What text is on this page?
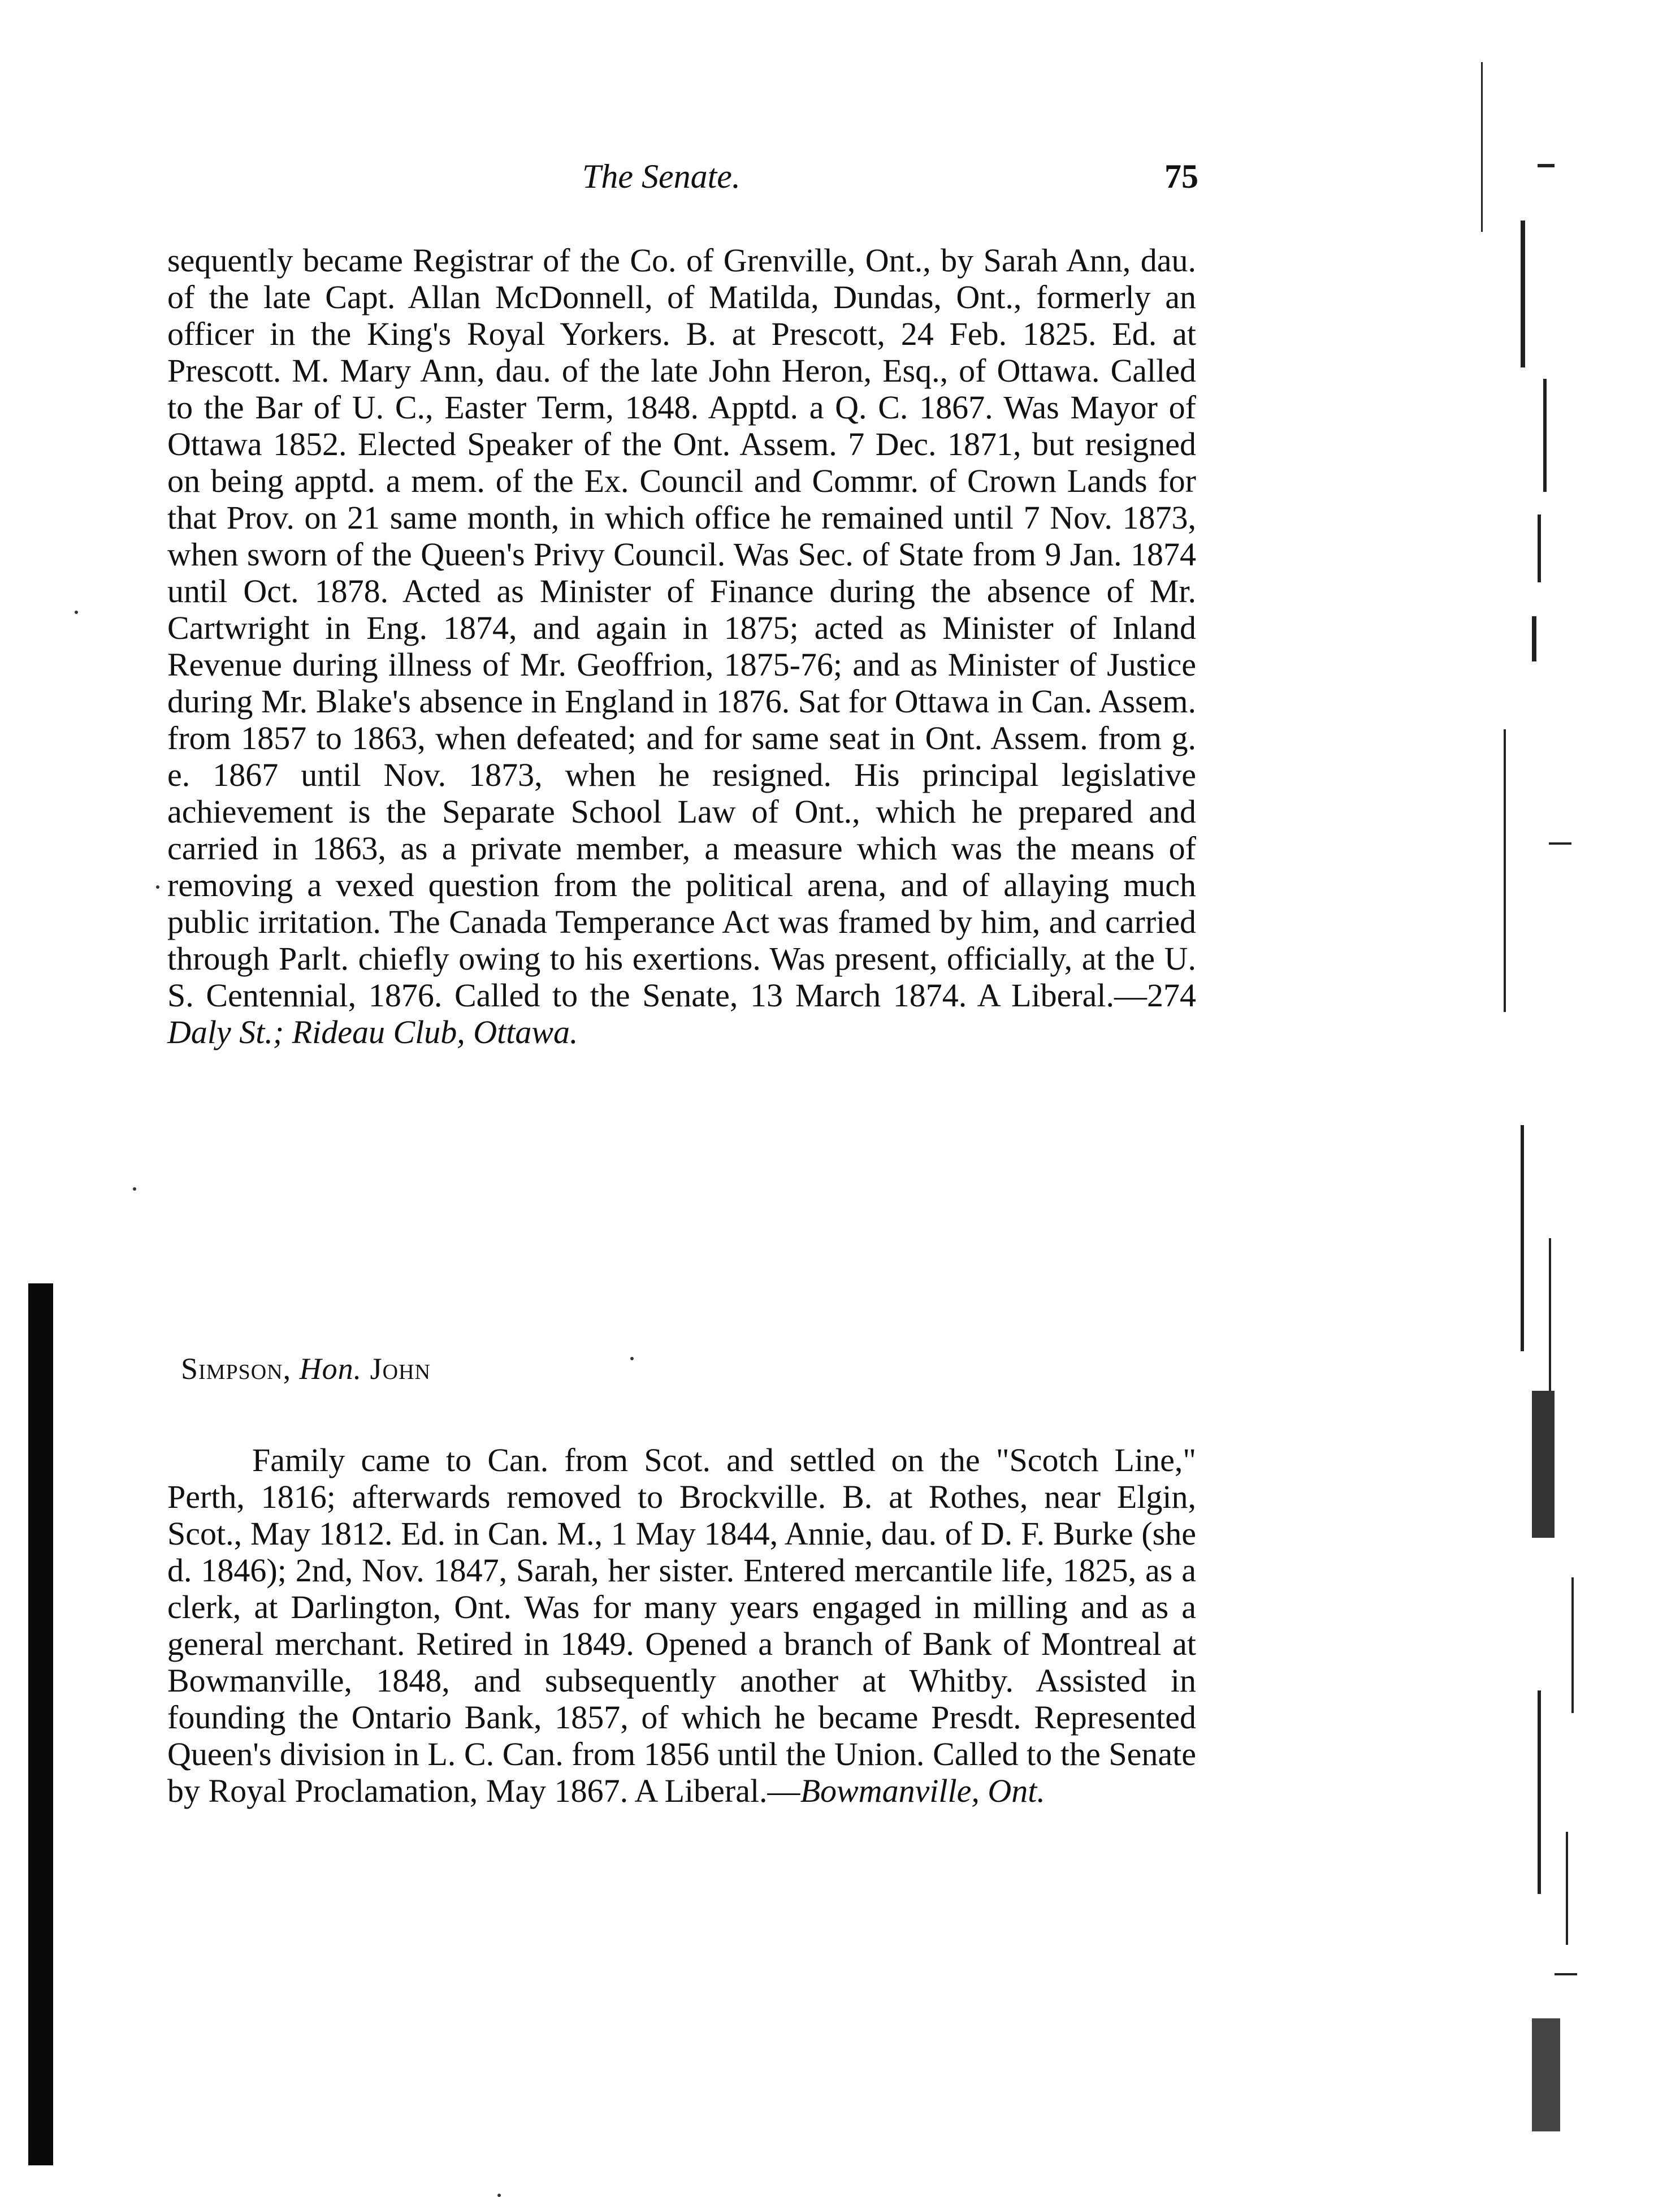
The Senate.	75
sequently became Registrar of the Co. of Grenville, Ont., by Sarah Ann, dau. of the late Capt. Allan McDonnell, of Matilda, Dundas, Ont., formerly an officer in the King's Royal Yorkers. B. at Prescott, 24 Feb. 1825. Ed. at Prescott. M. Mary Ann, dau. of the late John Heron, Esq., of Ottawa. Called to the Bar of U. C., Easter Term, 1848. Apptd. a Q. C. 1867. Was Mayor of Ottawa 1852. Elected Speaker of the Ont. Assem. 7 Dec. 1871, but resigned on being apptd. a mem. of the Ex. Council and Commr. of Crown Lands for that Prov. on 21 same month, in which office he remained until 7 Nov. 1873, when sworn of the Queen's Privy Council. Was Sec. of State from 9 Jan. 1874 until Oct. 1878. Acted as Minister of Finance during the absence of Mr. Cartwright in Eng. 1874, and again in 1875; acted as Minister of Inland Revenue during illness of Mr. Geoffrion, 1875-76; and as Minister of Justice during Mr. Blake's absence in England in 1876. Sat for Ottawa in Can. Assem. from 1857 to 1863, when defeated; and for same seat in Ont. Assem. from g. e. 1867 until Nov. 1873, when he resigned. His principal legislative achievement is the Separate School Law of Ont., which he prepared and carried in 1863, as a private member, a measure which was the means of removing a vexed question from the political arena, and of allaying much public irritation. The Canada Temperance Act was framed by him, and carried through Parlt. chiefly owing to his exertions. Was present, officially, at the U. S. Centennial, 1876. Called to the Senate, 13 March 1874. A Liberal.—274 Daly St.; Rideau Club, Ottawa.
Simpson, Hon. John
Family came to Can. from Scot. and settled on the "Scotch Line," Perth, 1816; afterwards removed to Brockville. B. at Rothes, near Elgin, Scot., May 1812. Ed. in Can. M., 1 May 1844, Annie, dau. of D. F. Burke (she d. 1846); 2nd, Nov. 1847, Sarah, her sister. Entered mercantile life, 1825, as a clerk, at Darlington, Ont. Was for many years engaged in milling and as a general merchant. Retired in 1849. Opened a branch of Bank of Montreal at Bowmanville, 1848, and subsequently another at Whitby. Assisted in founding the Ontario Bank, 1857, of which he became Presdt. Represented Queen's division in L. C. Can. from 1856 until the Union. Called to the Senate by Royal Proclamation, May 1867. A Liberal.—Bowmanville, Ont.
